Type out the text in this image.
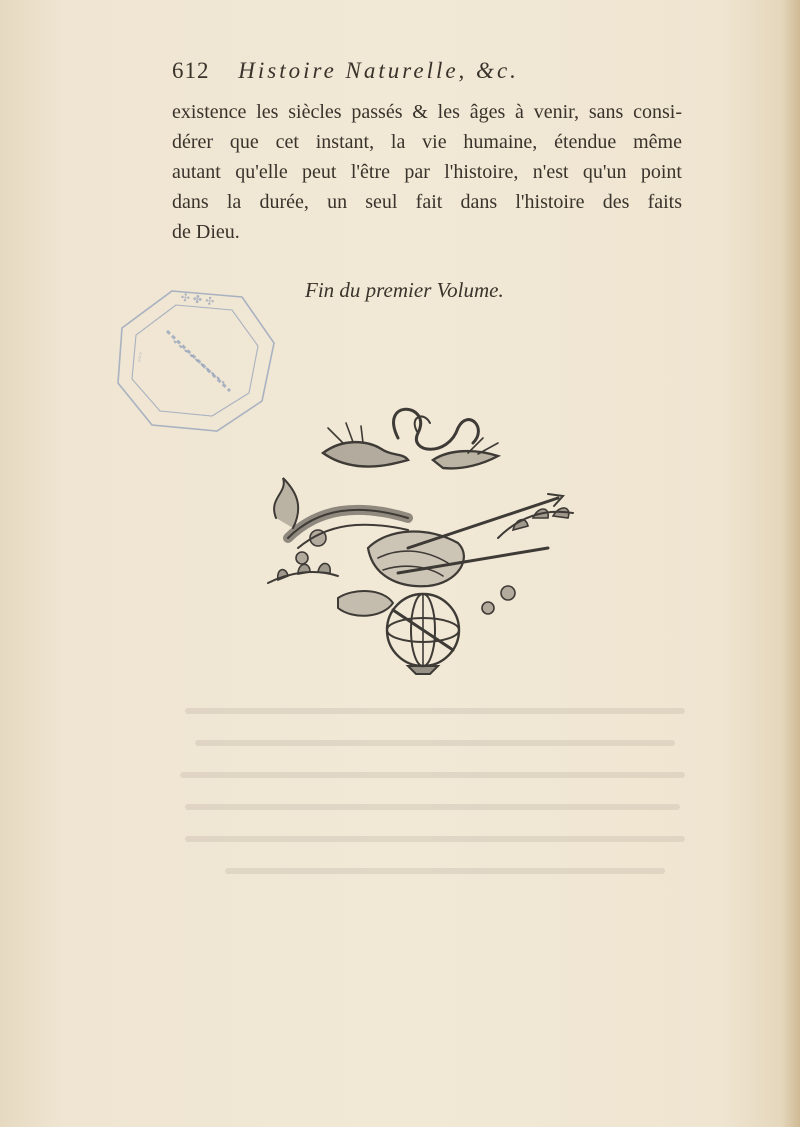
612 Histoire Naturelle, &c.
existence les siècles passés & les âges à venir, sans consi-
dérer que cet instant, la vie humaine, étendue même
autant qu'elle peut l'être par l'histoire, n'est qu'un point
dans la durée, un seul fait dans l'histoire des faits
de Dieu.
Fin du premier Volume.
✣ ✤ ✣
◦◦◦
